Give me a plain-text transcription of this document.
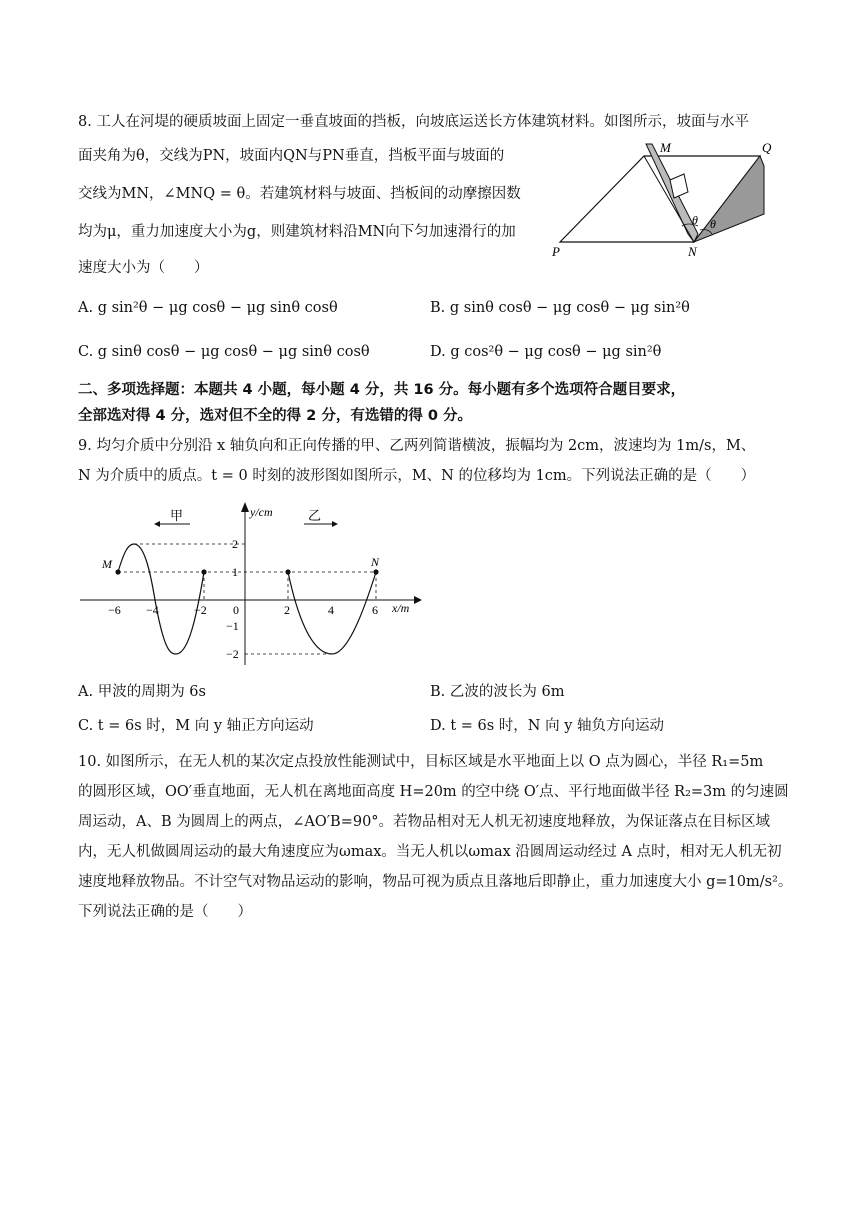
8. 工人在河堤的硬质坡面上固定一垂直坡面的挡板，向坡底运送长方体建筑材料。如图所示，坡面与水平
面夹角为θ，交线为PN，坡面内QN与PN垂直，挡板平面与坡面的
交线为MN，∠MNQ = θ。若建筑材料与坡面、挡板间的动摩擦因数
均为μ，重力加速度大小为g，则建筑材料沿MN向下匀加速滑行的加
速度大小为（　　）
M	Q
P	N
θ θ
A. g sin²θ − μg cosθ − μg sinθ cosθ	B. g sinθ cosθ − μg cosθ − μg sin²θ
C. g sinθ cosθ − μg cosθ − μg sinθ cosθ	D. g cos²θ − μg cosθ − μg sin²θ
二、多项选择题：本题共 4 小题，每小题 4 分，共 16 分。每小题有多个选项符合题目要求，
全部选对得 4 分，选对但不全的得 2 分，有选错的得 0 分。
9. 均匀介质中分别沿 x 轴负向和正向传播的甲、乙两列简谐横波，振幅均为 2cm，波速均为 1m/s，M、
N 为介质中的质点。t = 0 时刻的波形图如图所示，M、N 的位移均为 1cm。下列说法正确的是（　　）
甲	乙
y/cm
x/m
M	N
0
−6 −4	−2	2	4	6
2
1
−1
−2
A. 甲波的周期为 6s	B. 乙波的波长为 6m
C. t = 6s 时，M 向 y 轴正方向运动	D. t = 6s 时，N 向 y 轴负方向运动
10. 如图所示，在无人机的某次定点投放性能测试中，目标区域是水平地面上以 O 点为圆心，半径 R₁=5m
的圆形区域，OO′垂直地面，无人机在离地面高度 H=20m 的空中绕 O′点、平行地面做半径 R₂=3m 的匀速圆
周运动，A、B 为圆周上的两点，∠AO′B=90°。若物品相对无人机无初速度地释放，为保证落点在目标区域
内，无人机做圆周运动的最大角速度应为ωmax。当无人机以ωmax 沿圆周运动经过 A 点时，相对无人机无初
速度地释放物品。不计空气对物品运动的影响，物品可视为质点且落地后即静止，重力加速度大小 g=10m/s²。
下列说法正确的是（　　）
